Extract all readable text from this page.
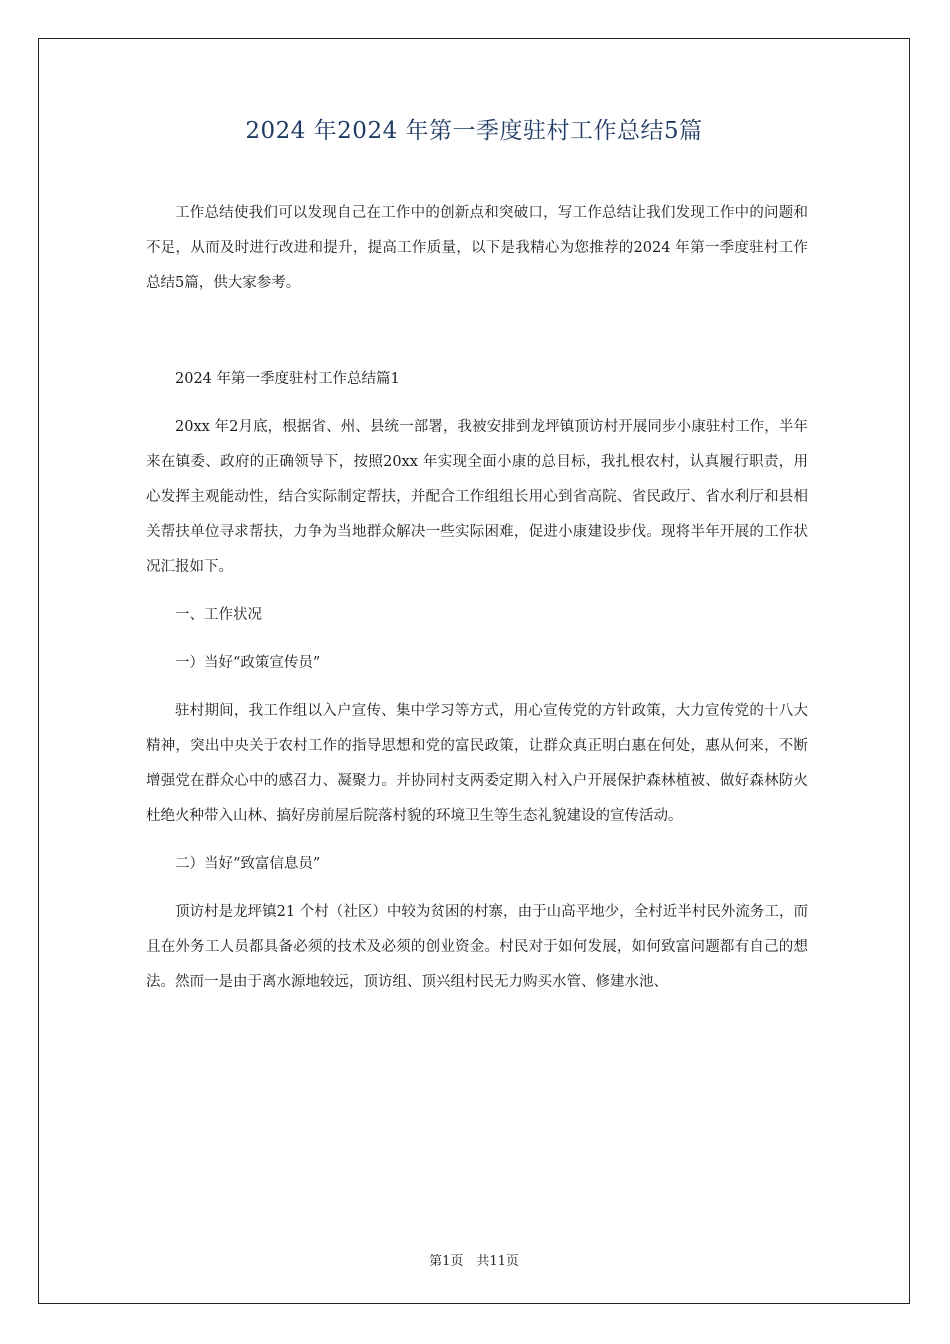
2024 年2024 年第一季度驻村工作总结5篇

工作总结使我们可以发现自己在工作中的创新点和突破口，写工作总结让我们发现工作中的问题和不足，从而及时进行改进和提升，提高工作质量，以下是我精心为您推荐的2024 年第一季度驻村工作总结5篇，供大家参考。

2024 年第一季度驻村工作总结篇1

20xx 年2月底，根据省、州、县统一部署，我被安排到龙坪镇顶访村开展同步小康驻村工作，半年来在镇委、政府的正确领导下，按照20xx 年实现全面小康的总目标，我扎根农村，认真履行职责，用心发挥主观能动性，结合实际制定帮扶，并配合工作组组长用心到省高院、省民政厅、省水利厅和县相关帮扶单位寻求帮扶，力争为当地群众解决一些实际困难，促进小康建设步伐。现将半年开展的工作状况汇报如下。

一、工作状况

一）当好“政策宣传员”

驻村期间，我工作组以入户宣传、集中学习等方式，用心宣传党的方针政策，大力宣传党的十八大精神，突出中央关于农村工作的指导思想和党的富民政策，让群众真正明白惠在何处，惠从何来，不断增强党在群众心中的感召力、凝聚力。并协同村支两委定期入村入户开展保护森林植被、做好森林防火杜绝火种带入山林、搞好房前屋后院落村貌的环境卫生等生态礼貌建设的宣传活动。

二）当好“致富信息员”

顶访村是龙坪镇21 个村（社区）中较为贫困的村寨，由于山高平地少，全村近半村民外流务工，而且在外务工人员都具备必须的技术及必须的创业资金。村民对于如何发展，如何致富问题都有自己的想法。然而一是由于离水源地较远，顶访组、顶兴组村民无力购买水管、修建水池、

第1页　共11页
